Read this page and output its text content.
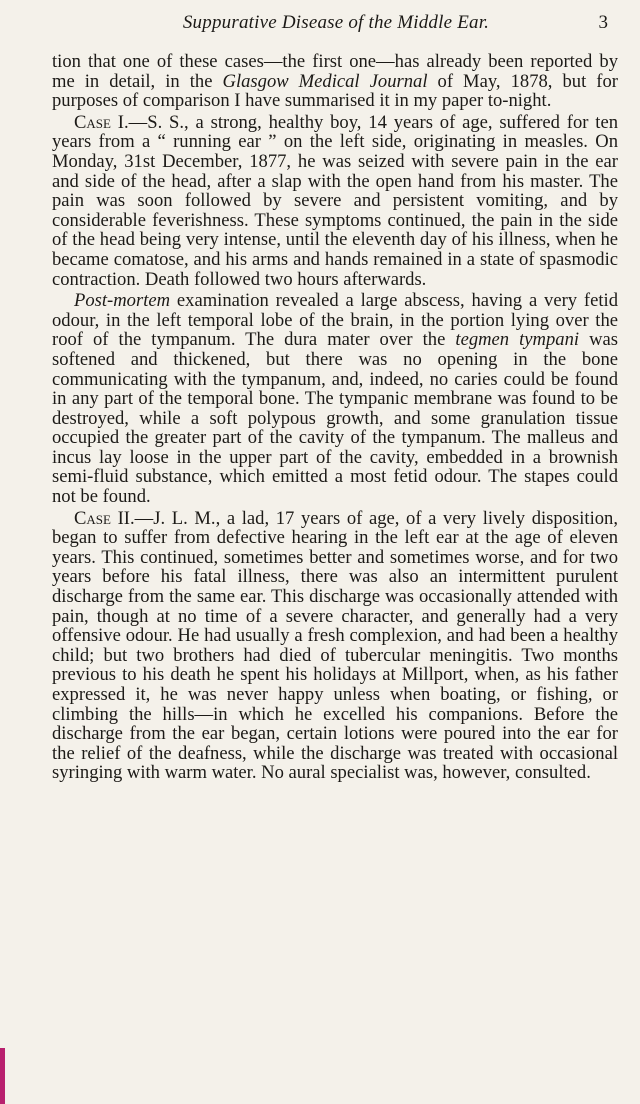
Suppurative Disease of the Middle Ear.	3

tion that one of these cases—the first one—has already been reported by me in detail, in the Glasgow Medical Journal of May, 1878, but for purposes of comparison I have summarised it in my paper to-night.

Case I.—S. S., a strong, healthy boy, 14 years of age, suffered for ten years from a “ running ear ” on the left side, originating in measles. On Monday, 31st December, 1877, he was seized with severe pain in the ear and side of the head, after a slap with the open hand from his master. The pain was soon followed by severe and persistent vomiting, and by considerable feverishness. These symptoms continued, the pain in the side of the head being very intense, until the eleventh day of his illness, when he became comatose, and his arms and hands remained in a state of spasmodic contraction. Death followed two hours afterwards.

Post-mortem examination revealed a large abscess, having a very fetid odour, in the left temporal lobe of the brain, in the portion lying over the roof of the tympanum. The dura mater over the tegmen tympani was softened and thickened, but there was no opening in the bone communicating with the tympanum, and, indeed, no caries could be found in any part of the temporal bone. The tympanic membrane was found to be destroyed, while a soft polypous growth, and some granulation tissue occupied the greater part of the cavity of the tympanum. The malleus and incus lay loose in the upper part of the cavity, embedded in a brownish semi-fluid substance, which emitted a most fetid odour. The stapes could not be found.

Case II.—J. L. M., a lad, 17 years of age, of a very lively disposition, began to suffer from defective hearing in the left ear at the age of eleven years. This continued, sometimes better and sometimes worse, and for two years before his fatal illness, there was also an intermittent purulent discharge from the same ear. This discharge was occasionally attended with pain, though at no time of a severe character, and generally had a very offensive odour. He had usually a fresh complexion, and had been a healthy child; but two brothers had died of tubercular meningitis. Two months previous to his death he spent his holidays at Millport, when, as his father expressed it, he was never happy unless when boating, or fishing, or climbing the hills—in which he excelled his companions. Before the discharge from the ear began, certain lotions were poured into the ear for the relief of the deafness, while the discharge was treated with occasional syringing with warm water. No aural specialist was, however, consulted.
